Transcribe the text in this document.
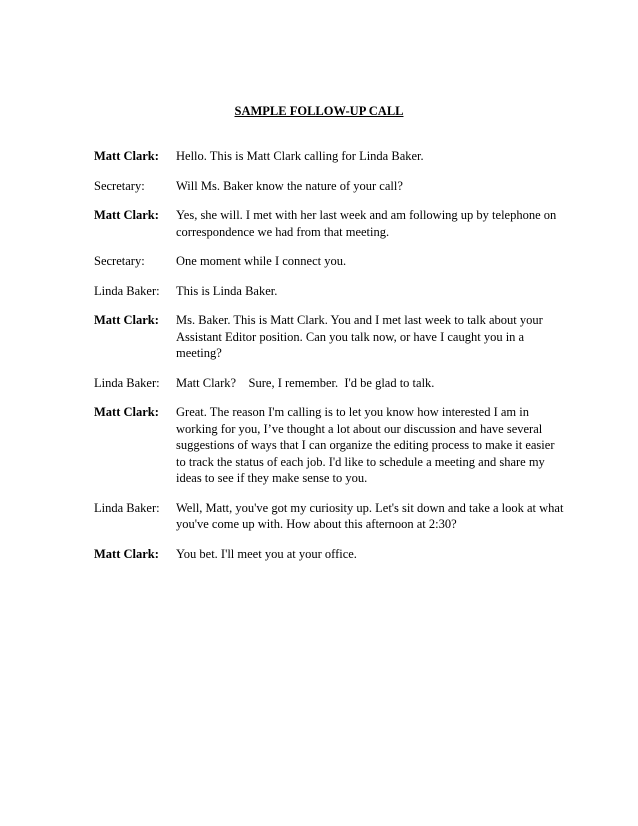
SAMPLE FOLLOW-UP CALL
Matt Clark:	Hello. This is Matt Clark calling for Linda Baker.
Secretary:	Will Ms. Baker know the nature of your call?
Matt Clark:	Yes, she will. I met with her last week and am following up by telephone on correspondence we had from that meeting.
Secretary:	One moment while I connect you.
Linda Baker:	This is Linda Baker.
Matt Clark:	Ms. Baker. This is Matt Clark. You and I met last week to talk about your Assistant Editor position. Can you talk now, or have I caught you in a meeting?
Linda Baker:	Matt Clark?    Sure, I remember.  I'd be glad to talk.
Matt Clark:	Great. The reason I'm calling is to let you know how interested I am in working for you, I’ve thought a lot about our discussion and have several suggestions of ways that I can organize the editing process to make it easier to track the status of each job. I'd like to schedule a meeting and share my ideas to see if they make sense to you.
Linda Baker:	Well, Matt, you've got my curiosity up. Let's sit down and take a look at what you've come up with. How about this afternoon at 2:30?
Matt Clark:	You bet. I'll meet you at your office.
